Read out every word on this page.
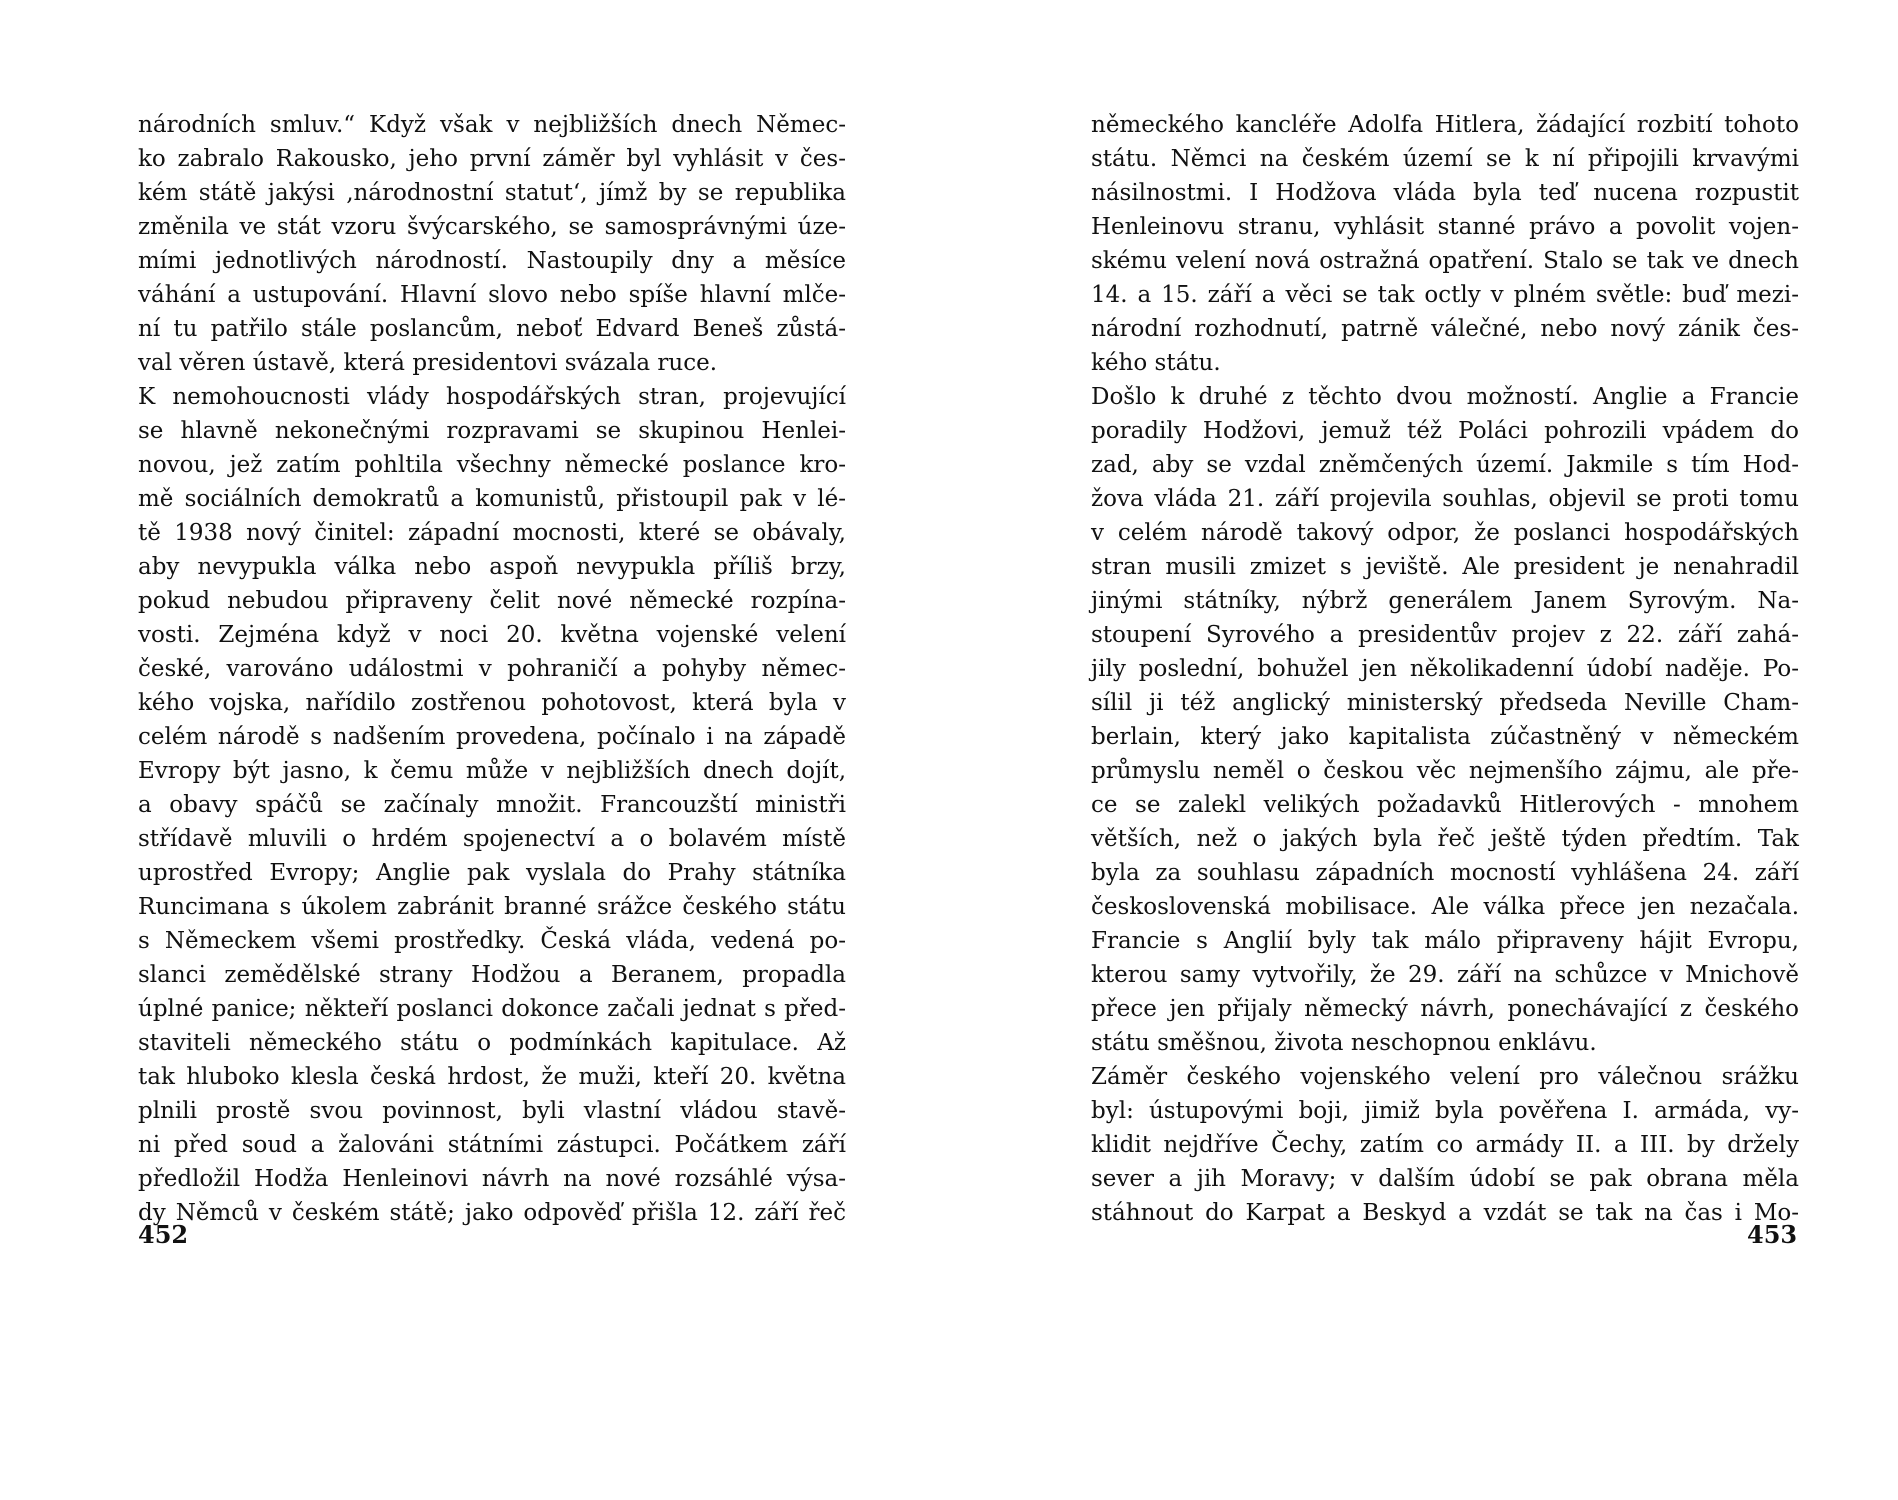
národních smluv.“ Když však v nejbližších dnech Němec-
ko zabralo Rakousko, jeho první záměr byl vyhlásit v čes-
kém státě jakýsi ‚národnostní statut‘, jímž by se republika
změnila ve stát vzoru švýcarského, se samosprávnými úze-
mími jednotlivých národností. Nastoupily dny a měsíce
váhání a ustupování. Hlavní slovo nebo spíše hlavní mlče-
ní tu patřilo stále poslancům, neboť Edvard Beneš zůstá-
val věren ústavě, která presidentovi svázala ruce.
K nemohoucnosti vlády hospodářských stran, projevující
se hlavně nekonečnými rozpravami se skupinou Henlei-
novou, jež zatím pohltila všechny německé poslance kro-
mě sociálních demokratů a komunistů, přistoupil pak v lé-
tě 1938 nový činitel: západní mocnosti, které se obávaly,
aby nevypukla válka nebo aspoň nevypukla příliš brzy,
pokud nebudou připraveny čelit nové německé rozpína-
vosti. Zejména když v noci 20. května vojenské velení
české, varováno událostmi v pohraničí a pohyby němec-
kého vojska, nařídilo zostřenou pohotovost, která byla v
celém národě s nadšením provedena, počínalo i na západě
Evropy být jasno, k čemu může v nejbližších dnech dojít,
a obavy spáčů se začínaly množit. Francouzští ministři
střídavě mluvili o hrdém spojenectví a o bolavém místě
uprostřed Evropy; Anglie pak vyslala do Prahy státníka
Runcimana s úkolem zabránit branné srážce českého státu
s Německem všemi prostředky. Česká vláda, vedená po-
slanci zemědělské strany Hodžou a Beranem, propadla
úplné panice; někteří poslanci dokonce začali jednat s před-
staviteli německého státu o podmínkách kapitulace. Až
tak hluboko klesla česká hrdost, že muži, kteří 20. května
plnili prostě svou povinnost, byli vlastní vládou stavě-
ni před soud a žalováni státními zástupci. Počátkem září
předložil Hodža Henleinovi návrh na nové rozsáhlé výsa-
dy Němců v českém státě; jako odpověď přišla 12. září řeč
452
německého kancléře Adolfa Hitlera, žádající rozbití tohoto
státu. Němci na českém území se k ní připojili krvavými
násilnostmi. I Hodžova vláda byla teď nucena rozpustit
Henleinovu stranu, vyhlásit stanné právo a povolit vojen-
skému velení nová ostražná opatření. Stalo se tak ve dnech
14. a 15. září a věci se tak octly v plném světle: buď mezi-
národní rozhodnutí, patrně válečné, nebo nový zánik čes-
kého státu.
Došlo k druhé z těchto dvou možností. Anglie a Francie
poradily Hodžovi, jemuž též Poláci pohrozili vpádem do
zad, aby se vzdal zněmčených území. Jakmile s tím Hod-
žova vláda 21. září projevila souhlas, objevil se proti tomu
v celém národě takový odpor, že poslanci hospodářských
stran musili zmizet s jeviště. Ale president je nenahradil
jinými státníky, nýbrž generálem Janem Syrovým. Na-
stoupení Syrového a presidentův projev z 22. září zahá-
jily poslední, bohužel jen několikadenní údobí naděje. Po-
sílil ji též anglický ministerský předseda Neville Cham-
berlain, který jako kapitalista zúčastněný v německém
průmyslu neměl o českou věc nejmenšího zájmu, ale pře-
ce se zalekl velikých požadavků Hitlerových - mnohem
větších, než o jakých byla řeč ještě týden předtím. Tak
byla za souhlasu západních mocností vyhlášena 24. září
československá mobilisace. Ale válka přece jen nezačala.
Francie s Anglií byly tak málo připraveny hájit Evropu,
kterou samy vytvořily, že 29. září na schůzce v Mnichově
přece jen přijaly německý návrh, ponechávající z českého
státu směšnou, života neschopnou enklávu.
Záměr českého vojenského velení pro válečnou srážku
byl: ústupovými boji, jimiž byla pověřena I. armáda, vy-
klidit nejdříve Čechy, zatím co armády II. a III. by držely
sever a jih Moravy; v dalším údobí se pak obrana měla
stáhnout do Karpat a Beskyd a vzdát se tak na čas i Mo-
453
